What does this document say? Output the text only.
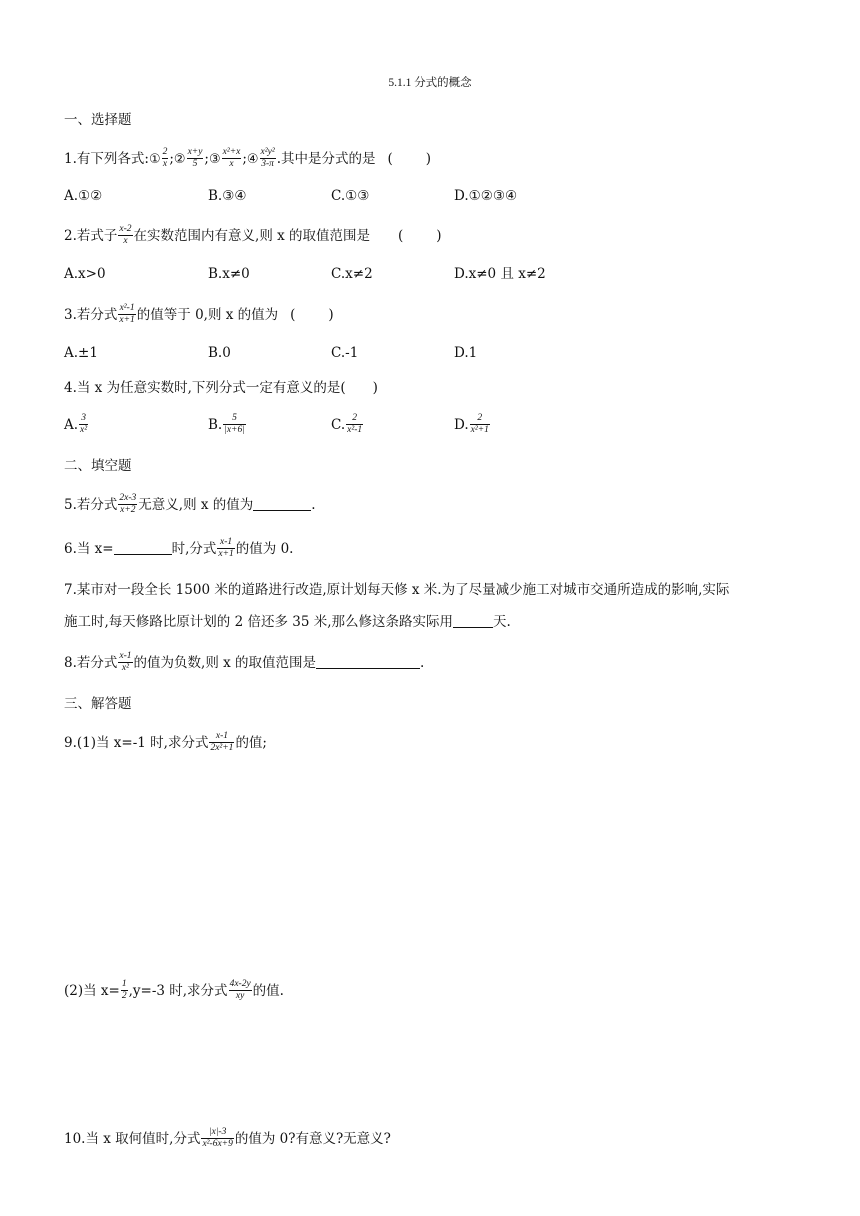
5.1.1 分式的概念
一、选择题
1.有下列各式:① $\frac{2}{x}$ ;② $\frac{x+y}{5}$ ;③ $\frac{\text{x²+x}}{x}$ ;④ $\frac{\text{x²y²}}{3-\pi}$ .其中是分式的是 (　　)
A.①②	B.③④	C.①③	D.①②③④
2.若式子 $\frac{x-2}{x}$ 在实数范围内有意义,则 x 的取值范围是 (　　)
A.x>0	B.x≠0	C.x≠2	D.x≠0 且 x≠2
3.若分式 $\frac{\text{x²-1}}{x+1}$ 的值等于 0,则 x 的值为 (　　)
A.±1	B.0	C.-1	D.1
4.当 x 为任意实数时,下列分式一定有意义的是(　　)
A. $\frac{3}{\text{x²}}$	B. $\frac{5}{|x+6|}$	C. $\frac{2}{\text{x²-1}}$	D. $\frac{2}{\text{x²+1}}$
二、填空题
5.若分式 $\frac{2x-3}{x+2}$ 无意义,则 x 的值为	.
6.当 x=	时,分式 $\frac{x-1}{x+1}$ 的值为 0.
7.某市对一段全长 1500 米的道路进行改造,原计划每天修 x 米.为了尽量减少施工对城市交通所造成的影响,实际
施工时,每天修路比原计划的 2 倍还多 35 米,那么修这条路实际用	天.
8.若分式 $\frac{x-1}{\text{x²}}$ 的值为负数,则 x 的取值范围是	.
三、解答题
9.(1)当 x=-1 时,求分式 $\frac{x-1}{\text{2x²+1}}$ 的值;
(2)当 $x= \frac{1}{2} ,y=-3$ 时,求分式 $\frac{4x-2y}{xy}$ 的值.
10.当 x 取何值时,分式 $\frac{|x|-3}{\text{x²-6x+9}}$ 的值为 0?有意义?无意义?
